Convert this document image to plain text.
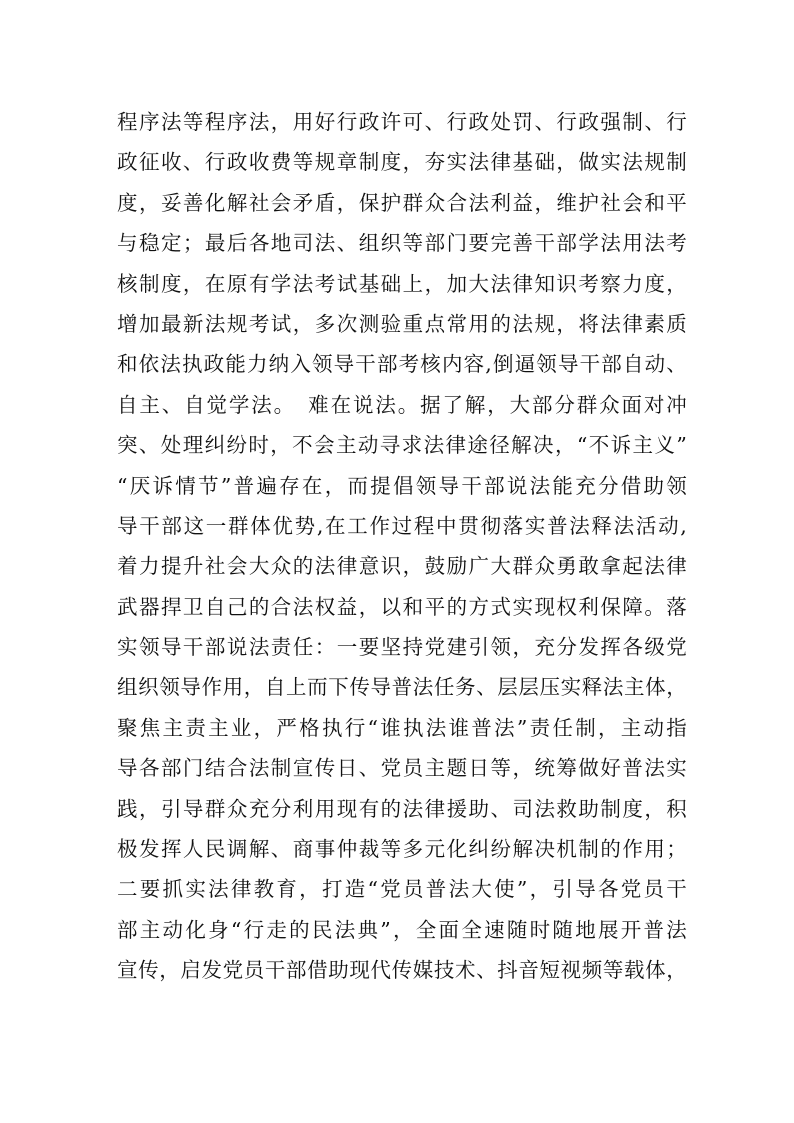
程序法等程序法，用好行政许可、行政处罚、行政强制、行
政征收、行政收费等规章制度，夯实法律基础，做实法规制
度，妥善化解社会矛盾，保护群众合法利益，维护社会和平
与稳定；最后各地司法、组织等部门要完善干部学法用法考
核制度，在原有学法考试基础上，加大法律知识考察力度，
增加最新法规考试，多次测验重点常用的法规，将法律素质
和依法执政能力纳入领导干部考核内容,倒逼领导干部自动、
自主、自觉学法。　难在说法。据了解，大部分群众面对冲
突、处理纠纷时，不会主动寻求法律途径解决，“不诉主义”
“厌诉情节”普遍存在，而提倡领导干部说法能充分借助领
导干部这一群体优势,在工作过程中贯彻落实普法释法活动,
着力提升社会大众的法律意识，鼓励广大群众勇敢拿起法律
武器捍卫自己的合法权益，以和平的方式实现权利保障。落
实领导干部说法责任：一要坚持党建引领，充分发挥各级党
组织领导作用，自上而下传导普法任务、层层压实释法主体，
聚焦主责主业，严格执行“谁执法谁普法”责任制，主动指
导各部门结合法制宣传日、党员主题日等，统筹做好普法实
践，引导群众充分利用现有的法律援助、司法救助制度，积
极发挥人民调解、商事仲裁等多元化纠纷解决机制的作用；
二要抓实法律教育，打造“党员普法大使”，引导各党员干
部主动化身“行走的民法典”，全面全速随时随地展开普法
宣传，启发党员干部借助现代传媒技术、抖音短视频等载体，
